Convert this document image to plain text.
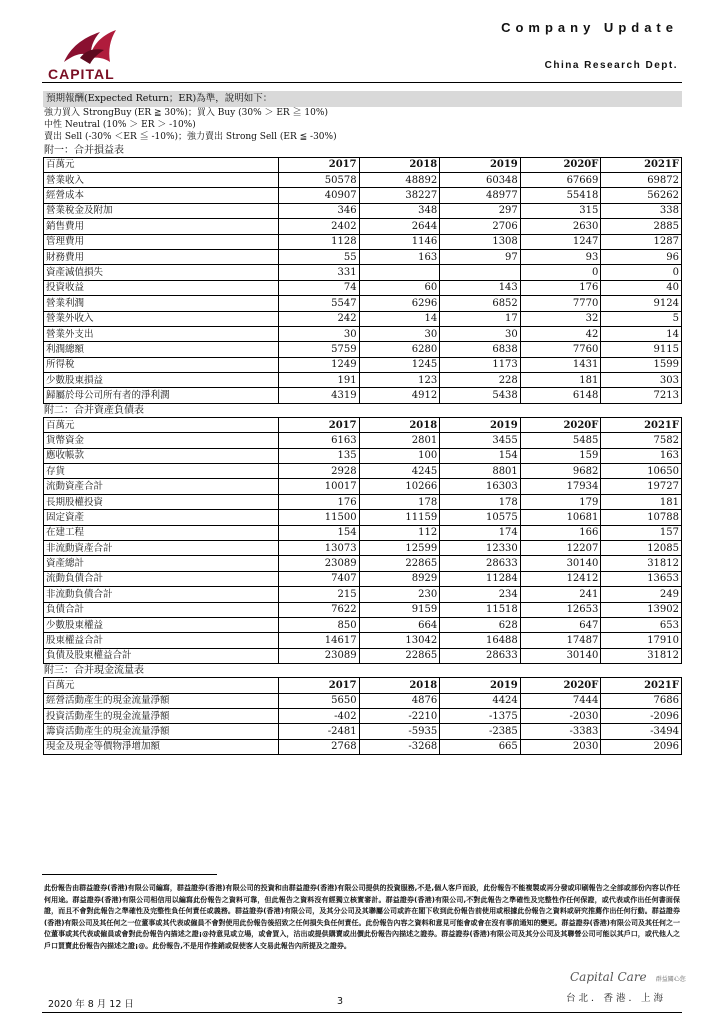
CAPITAL
Company Update
China Research Dept.
預期報酬(Expected Return；ER)為準，說明如下：
強力買入 StrongBuy (ER ≧ 30%)；買入 Buy (30% ＞ ER ≧ 10%)
中性 Neutral (10% ＞ ER ＞ -10%)
賣出 Sell (-30% ＜ER ≦ -10%)；強力賣出 Strong Sell (ER ≦ -30%)
附一：合并損益表
百萬元	2017	2018	2019	2020F	2021F
營業收入	50578	48892	60348	67669	69872
經營成本	40907	38227	48977	55418	56262
營業稅金及附加	346	348	297	315	338
銷售費用	2402	2644	2706	2630	2885
管理費用	1128	1146	1308	1247	1287
財務費用	55	163	97	93	96
資產減值損失	331			0	0
投資收益	74	60	143	176	40
營業利潤	5547	6296	6852	7770	9124
營業外收入	242	14	17	32	5
營業外支出	30	30	30	42	14
利潤總額	5759	6280	6838	7760	9115
所得稅	1249	1245	1173	1431	1599
少數股東損益	191	123	228	181	303
歸屬於母公司所有者的淨利潤	4319	4912	5438	6148	7213
附二：合并資產負債表
百萬元	2017	2018	2019	2020F	2021F
貨幣資金	6163	2801	3455	5485	7582
應收帳款	135	100	154	159	163
存貨	2928	4245	8801	9682	10650
流動資產合計	10017	10266	16303	17934	19727
長期股權投資	176	178	178	179	181
固定資產	11500	11159	10575	10681	10788
在建工程	154	112	174	166	157
非流動資產合計	13073	12599	12330	12207	12085
資產總計	23089	22865	28633	30140	31812
流動負債合計	7407	8929	11284	12412	13653
非流動負債合計	215	230	234	241	249
負債合計	7622	9159	11518	12653	13902
少數股東權益	850	664	628	647	653
股東權益合計	14617	13042	16488	17487	17910
負債及股東權益合計	23089	22865	28633	30140	31812
附三：合并現金流量表
百萬元	2017	2018	2019	2020F	2021F
經營活動產生的現金流量淨額	5650	4876	4424	7444	7686
投資活動產生的現金流量淨額	-402	-2210	-1375	-2030	-2096
籌資活動產生的現金流量淨額	-2481	-5935	-2385	-3383	-3494
現金及現金等價物淨增加額	2768	-3268	665	2030	2096
此份報告由群益證券(香港)有限公司編寫，群益證券(香港)有限公司的投資和由群益證券(香港)有限公司提供的投資服務,不是,個人客戶而設，此份報告不能複製或再分發或印刷報告之全部或部份內容以作任何用途。群益證券(香港)有限公司相信用以編寫此份報告之資料可靠，但此報告之資料沒有經獨立核實審計。群益證券(香港)有限公司,不對此報告之準確性及完整性作任何保證，或代表或作出任何書面保證，而且不會對此報告之準確性及完整性負任何責任或義務。群益證券(香港)有限公司，及其分公司及其聯屬公司或許在閣下收到此份報告前使用或根據此份報告之資料或研究推薦作出任何行動。群益證券(香港)有限公司及其任何之一位董事或其代表或僱員不會對使用此份報告後招致之任何損失負任何責任。此份報告內容之資料和意見可能會或會在沒有事前通知的變更。群益證券(香港)有限公司及其任何之一位董事或其代表或僱員或會對此份報告內描述之證¡@持意見或立場，或會買入，沽出或提供購賣或出價此份報告內描述之證券。群益證券(香港)有限公司及其分公司及其聯營公司可能以其戶口，或代他人之戶口買賣此份報告內描述之證¡@。此份報告,不是用作推銷或促使客人交易此報告內所提及之證券。
Capital Care 群益關心您
台北．香港．上海
2020 年 8 月 12 日	3
